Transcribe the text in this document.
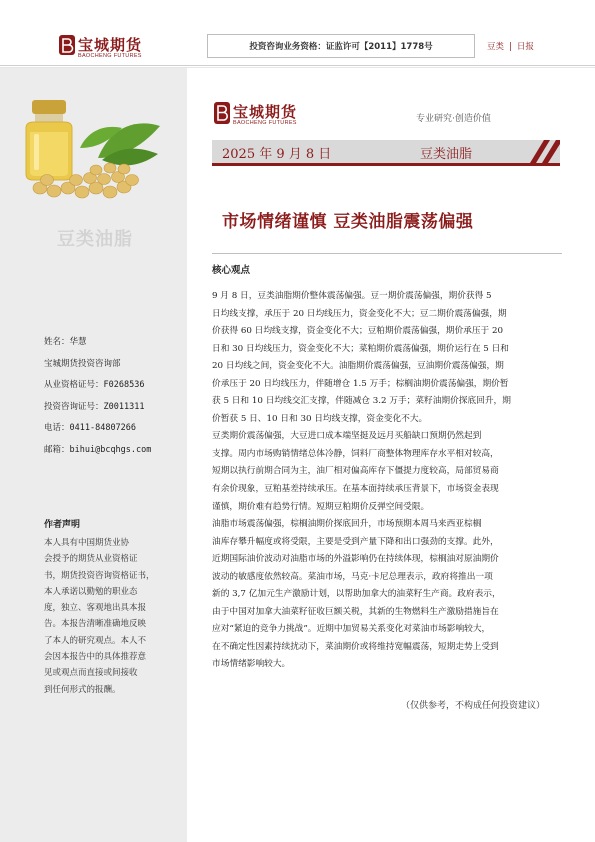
宝城期货
BAOCHENG FUTURES
投资咨询业务资格：证监许可【2011】1778号	豆类 | 日报
豆类油脂
姓名：华慧
宝城期货投资咨询部
从业资格证号：F0268536
投资咨询证号：Z0011311
电话：0411-84807266
邮箱：bihui@bcqhgs.com
作者声明
本人具有中国期货业协
会授予的期货从业资格证
书，期货投资咨询资格证书，
本人承诺以勤勉的职业态
度，独立、客观地出具本报
告。本报告清晰准确地反映
了本人的研究观点。本人不
会因本报告中的具体推荐意
见或观点而直接或间接收
到任何形式的报酬。
宝城期货
BAOCHENG FUTURES	专业研究·创造价值
2025 年 9 月 8 日	豆类油脂
市场情绪谨慎 豆类油脂震荡偏强
核心观点
9 月 8 日，豆类油脂期价整体震荡偏强。豆一期价震荡偏强，期价获得 5
日均线支撑，承压于 20 日均线压力，资金变化不大；豆二期价震荡偏强，期
价获得 60 日均线支撑，资金变化不大；豆粕期价震荡偏强，期价承压于 20
日和 30 日均线压力，资金变化不大；菜粕期价震荡偏强，期价运行在 5 日和
20 日均线之间，资金变化不大。油脂期价震荡偏强，豆油期价震荡偏强，期
价承压于 20 日均线压力，伴随增仓 1.5 万手；棕榈油期价震荡偏强，期价暂
获 5 日和 10 日均线交汇支撑，伴随减仓 3.2 万手；菜籽油期价探底回升，期
价暂获 5 日、10 日和 30 日均线支撑，资金变化不大。
豆类期价震荡偏强，大豆进口成本端坚挺及远月买船缺口预期仍然起到
支撑。周内市场购销情绪总体冷静，饲料厂商整体物理库存水平相对较高，
短期以执行前期合同为主，油厂相对偏高库存下僵提力度较高，局部贸易商
有余价现象，豆粕基差持续承压。在基本面持续承压背景下，市场资金表现
谨慎，期价难有趋势行情。短期豆粕期价反弹空间受限。
油脂市场震荡偏强，棕榈油期价探底回升，市场预期本周马来西亚棕榈
油库存攀升幅度或将受限，主要是受到产量下降和出口强劲的支撑。此外，
近期国际油价波动对油脂市场的外溢影响仍在持续体现，棕榈油对原油期价
波动的敏感度依然较高。菜油市场，马克·卡尼总理表示，政府将推出一项
新的 3,7 亿加元生产激励计划，以帮助加拿大的油菜籽生产商。政府表示，
由于中国对加拿大油菜籽征收巨额关税，其新的生物燃料生产激励措施旨在
应对“紧迫的竞争力挑战”。近期中加贸易关系变化对菜油市场影响较大，
在不确定性因素持续扰动下，菜油期价或将维持宽幅震荡，短期走势上受到
市场情绪影响较大。
（仅供参考，不构成任何投资建议）
